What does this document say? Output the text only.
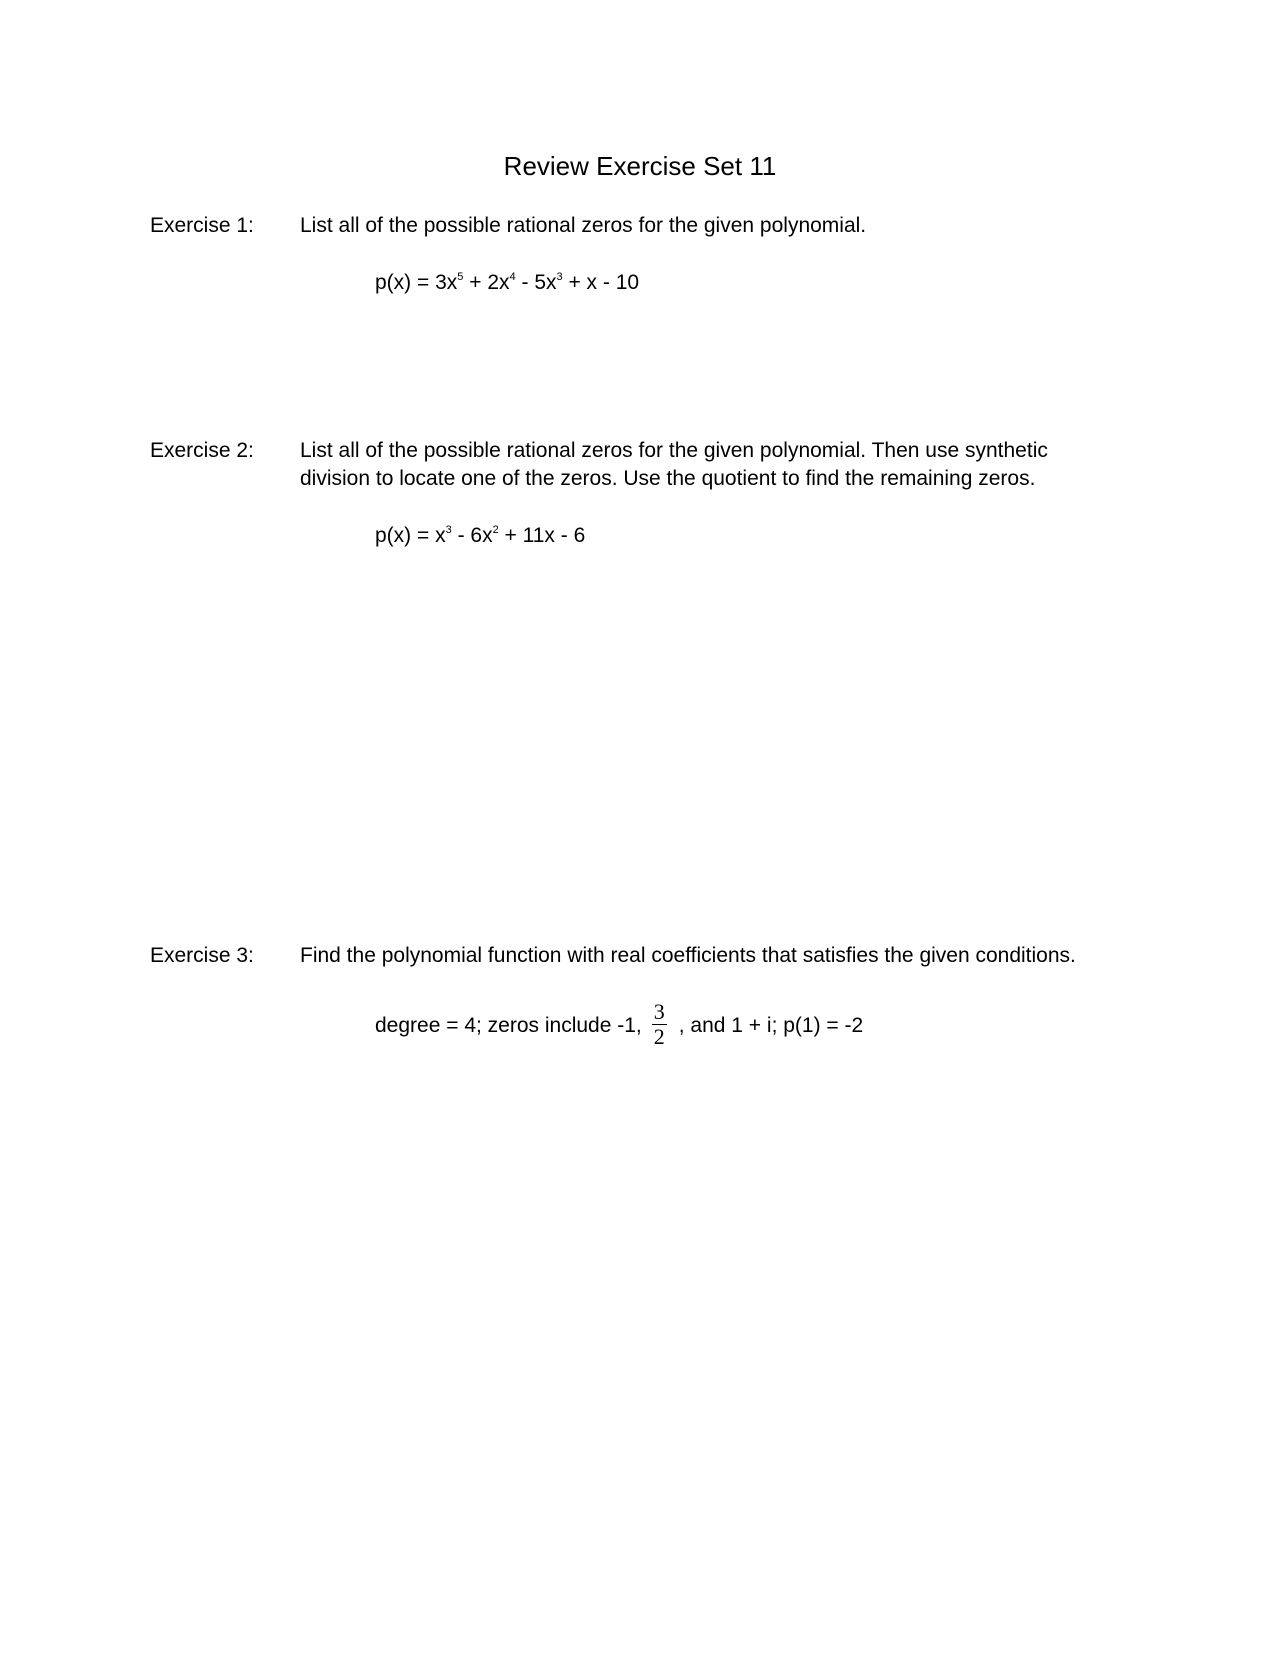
Review Exercise Set 11
Exercise 1: List all of the possible rational zeros for the given polynomial.
$p(x) = 3x^5 + 2x^4 - 5x^3 + x - 10$
Exercise 2: List all of the possible rational zeros for the given polynomial. Then use synthetic division to locate one of the zeros. Use the quotient to find the remaining zeros.
$p(x) = x^3 - 6x^2 + 11x - 6$
Exercise 3: Find the polynomial function with real coefficients that satisfies the given conditions.
degree = 4; zeros include -1, $\frac{3}{2}$ , and 1 + i; p(1) = -2
